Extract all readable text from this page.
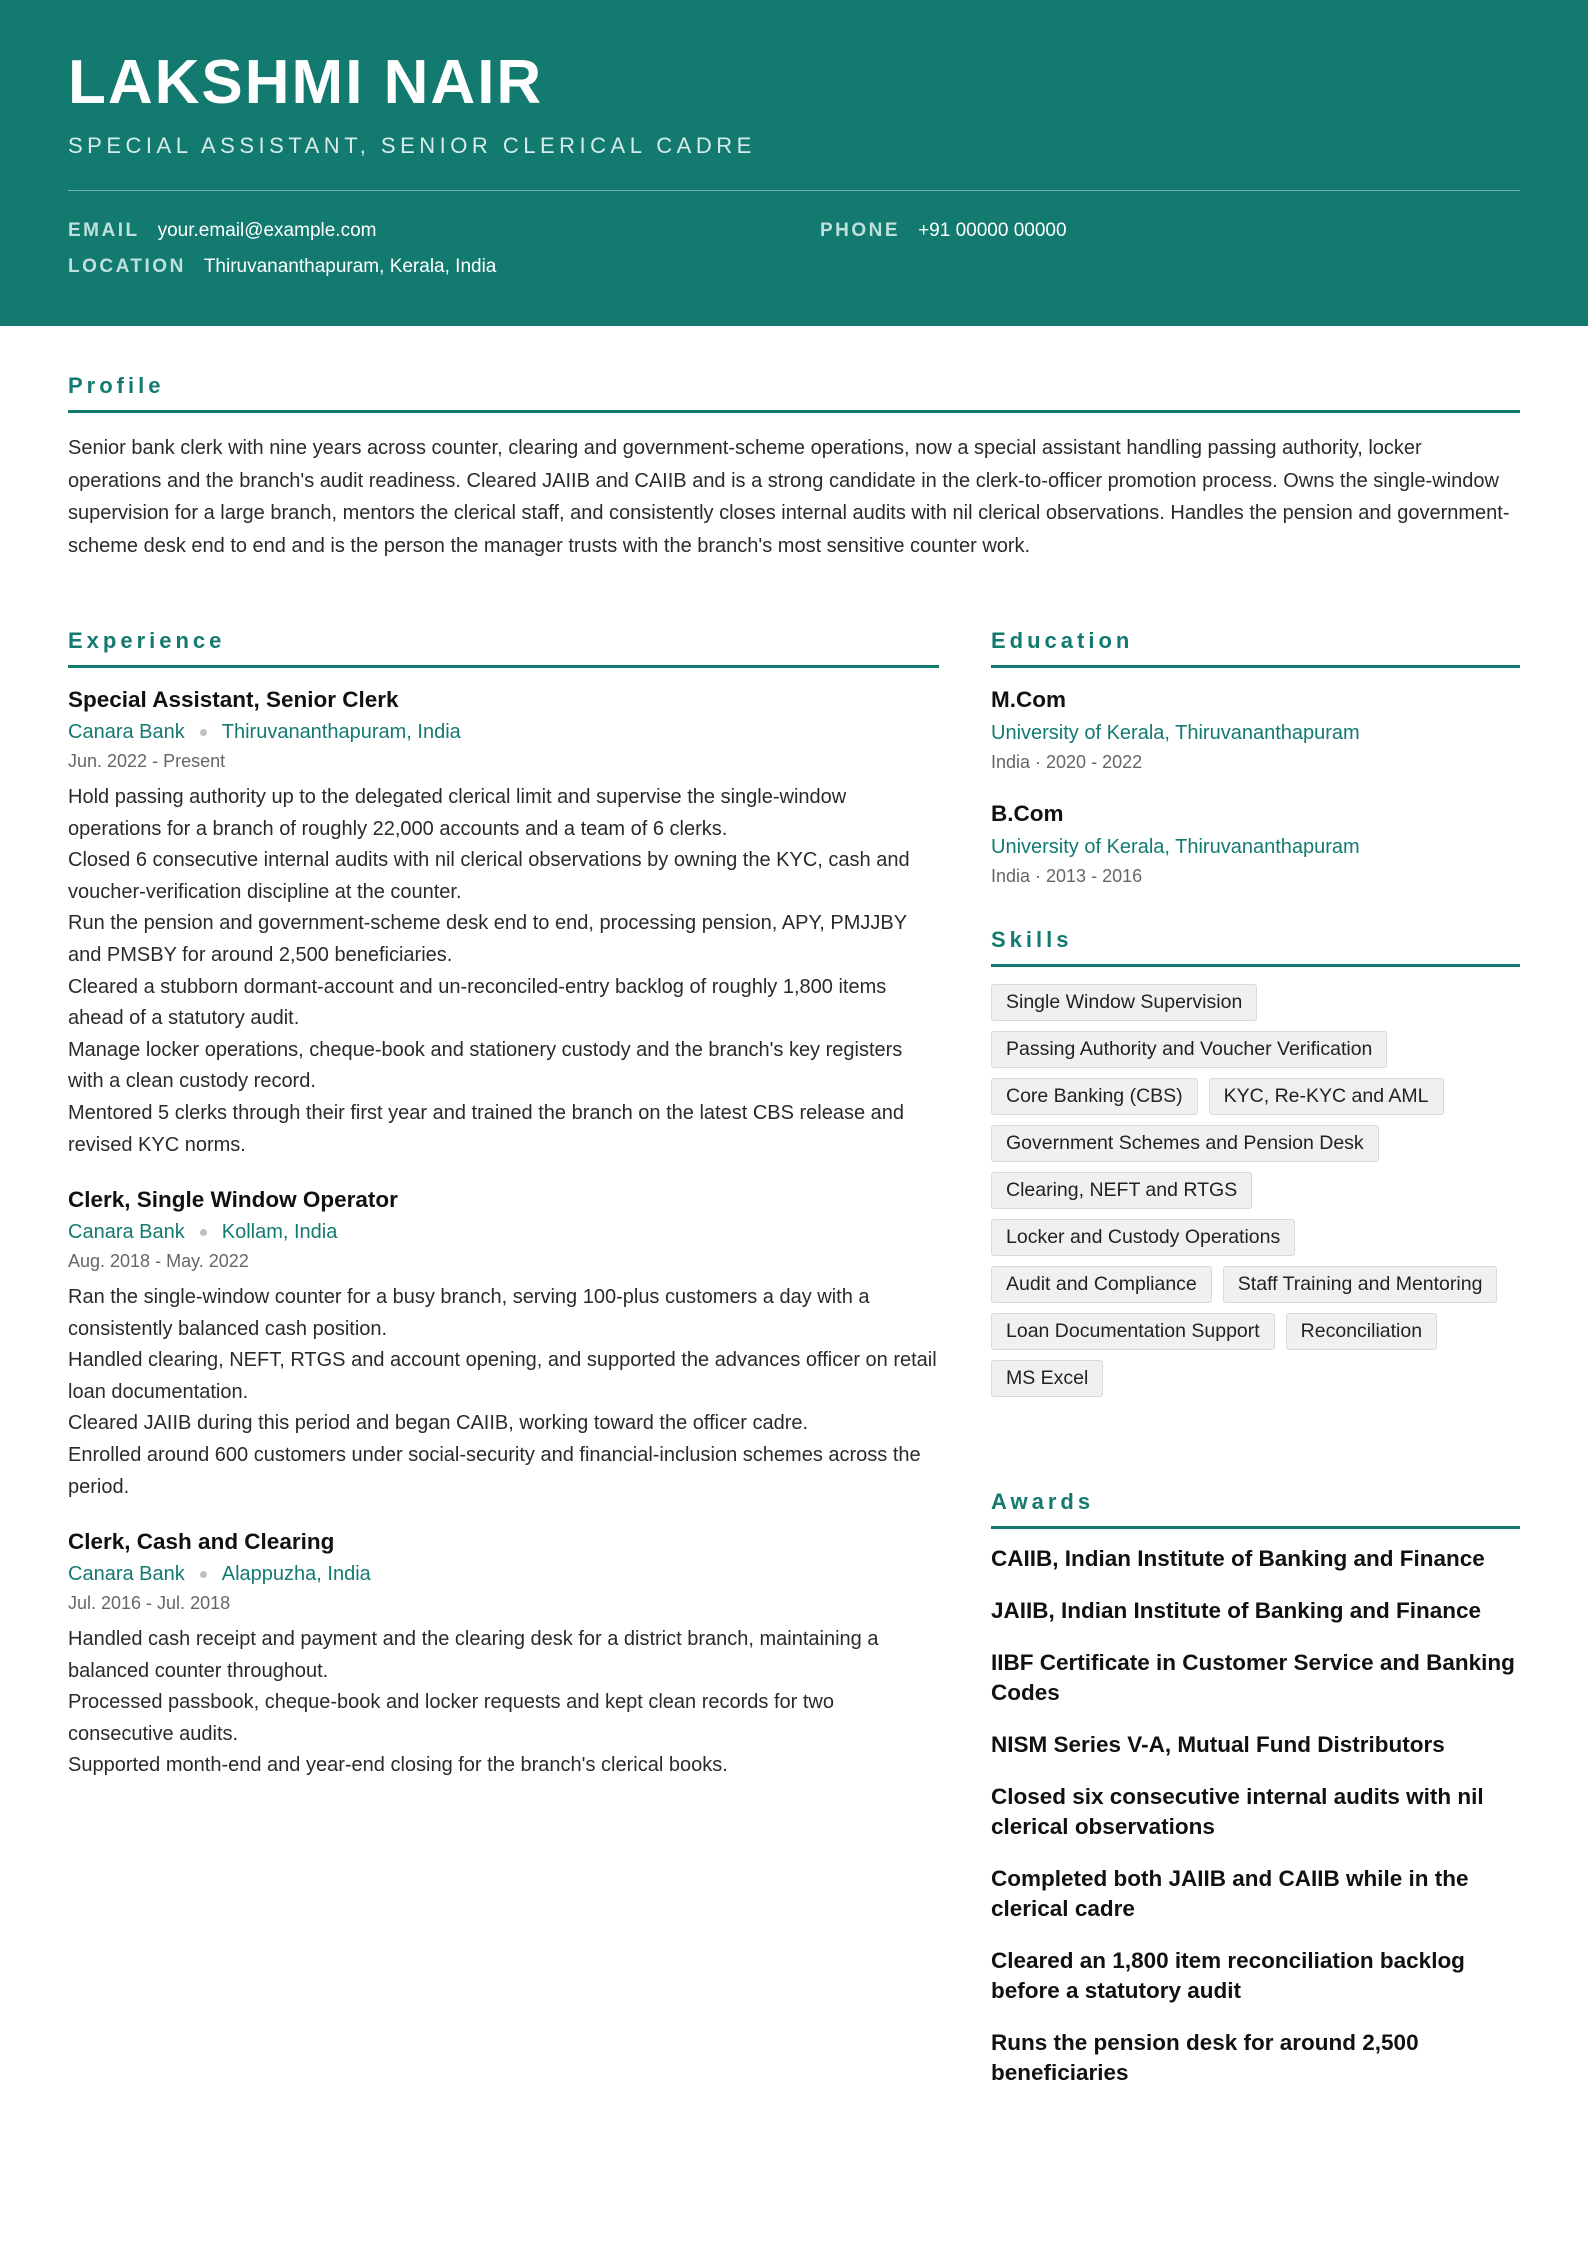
LAKSHMI NAIR
SPECIAL ASSISTANT, SENIOR CLERICAL CADRE
EMAIL your.email@example.com	PHONE +91 00000 00000
LOCATION Thiruvananthapuram, Kerala, India
Profile
Senior bank clerk with nine years across counter, clearing and government-scheme operations, now a special assistant handling passing authority, locker operations and the branch's audit readiness. Cleared JAIIB and CAIIB and is a strong candidate in the clerk-to-officer promotion process. Owns the single-window supervision for a large branch, mentors the clerical staff, and consistently closes internal audits with nil clerical observations. Handles the pension and government-scheme desk end to end and is the person the manager trusts with the branch's most sensitive counter work.
Experience
Special Assistant, Senior Clerk
Canara Bank Thiruvananthapuram, India
Jun. 2022 - Present
Hold passing authority up to the delegated clerical limit and supervise the single-window operations for a branch of roughly 22,000 accounts and a team of 6 clerks.
Closed 6 consecutive internal audits with nil clerical observations by owning the KYC, cash and voucher-verification discipline at the counter.
Run the pension and government-scheme desk end to end, processing pension, APY, PMJJBY and PMSBY for around 2,500 beneficiaries.
Cleared a stubborn dormant-account and un-reconciled-entry backlog of roughly 1,800 items ahead of a statutory audit.
Manage locker operations, cheque-book and stationery custody and the branch's key registers with a clean custody record.
Mentored 5 clerks through their first year and trained the branch on the latest CBS release and revised KYC norms.
Clerk, Single Window Operator
Canara Bank Kollam, India
Aug. 2018 - May. 2022
Ran the single-window counter for a busy branch, serving 100-plus customers a day with a consistently balanced cash position.
Handled clearing, NEFT, RTGS and account opening, and supported the advances officer on retail loan documentation.
Cleared JAIIB during this period and began CAIIB, working toward the officer cadre.
Enrolled around 600 customers under social-security and financial-inclusion schemes across the period.
Clerk, Cash and Clearing
Canara Bank Alappuzha, India
Jul. 2016 - Jul. 2018
Handled cash receipt and payment and the clearing desk for a district branch, maintaining a balanced counter throughout.
Processed passbook, cheque-book and locker requests and kept clean records for two consecutive audits.
Supported month-end and year-end closing for the branch's clerical books.
Education
M.Com
University of Kerala, Thiruvananthapuram
India · 2020 - 2022
B.Com
University of Kerala, Thiruvananthapuram
India · 2013 - 2016
Skills
Single Window Supervision
Passing Authority and Voucher Verification
Core Banking (CBS)	KYC, Re-KYC and AML
Government Schemes and Pension Desk
Clearing, NEFT and RTGS
Locker and Custody Operations
Audit and Compliance	Staff Training and Mentoring
Loan Documentation Support	Reconciliation
MS Excel
Awards
CAIIB, Indian Institute of Banking and Finance
JAIIB, Indian Institute of Banking and Finance
IIBF Certificate in Customer Service and Banking Codes
NISM Series V-A, Mutual Fund Distributors
Closed six consecutive internal audits with nil clerical observations
Completed both JAIIB and CAIIB while in the clerical cadre
Cleared an 1,800 item reconciliation backlog before a statutory audit
Runs the pension desk for around 2,500 beneficiaries
